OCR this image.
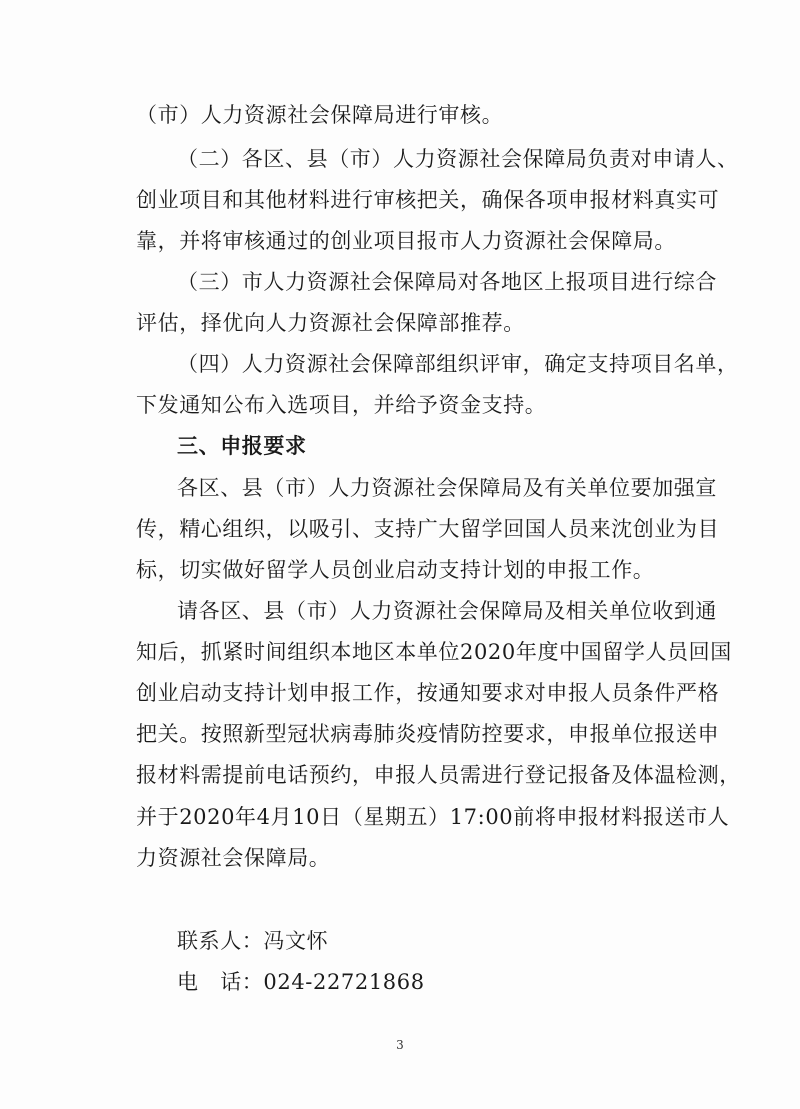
（市）人力资源社会保障局进行审核。
（二）各区、县（市）人力资源社会保障局负责对申请人、
创业项目和其他材料进行审核把关，确保各项申报材料真实可
靠，并将审核通过的创业项目报市人力资源社会保障局。
（三）市人力资源社会保障局对各地区上报项目进行综合
评估，择优向人力资源社会保障部推荐。
（四）人力资源社会保障部组织评审，确定支持项目名单，
下发通知公布入选项目，并给予资金支持。
三、申报要求
各区、县（市）人力资源社会保障局及有关单位要加强宣
传，精心组织，以吸引、支持广大留学回国人员来沈创业为目
标，切实做好留学人员创业启动支持计划的申报工作。
请各区、县（市）人力资源社会保障局及相关单位收到通
知后，抓紧时间组织本地区本单位2020年度中国留学人员回国
创业启动支持计划申报工作，按通知要求对申报人员条件严格
把关。按照新型冠状病毒肺炎疫情防控要求，申报单位报送申
报材料需提前电话预约，申报人员需进行登记报备及体温检测，
并于2020年4月10日（星期五）17:00前将申报材料报送市人
力资源社会保障局。
联系人：冯文怀
电　话：024-22721868
3
